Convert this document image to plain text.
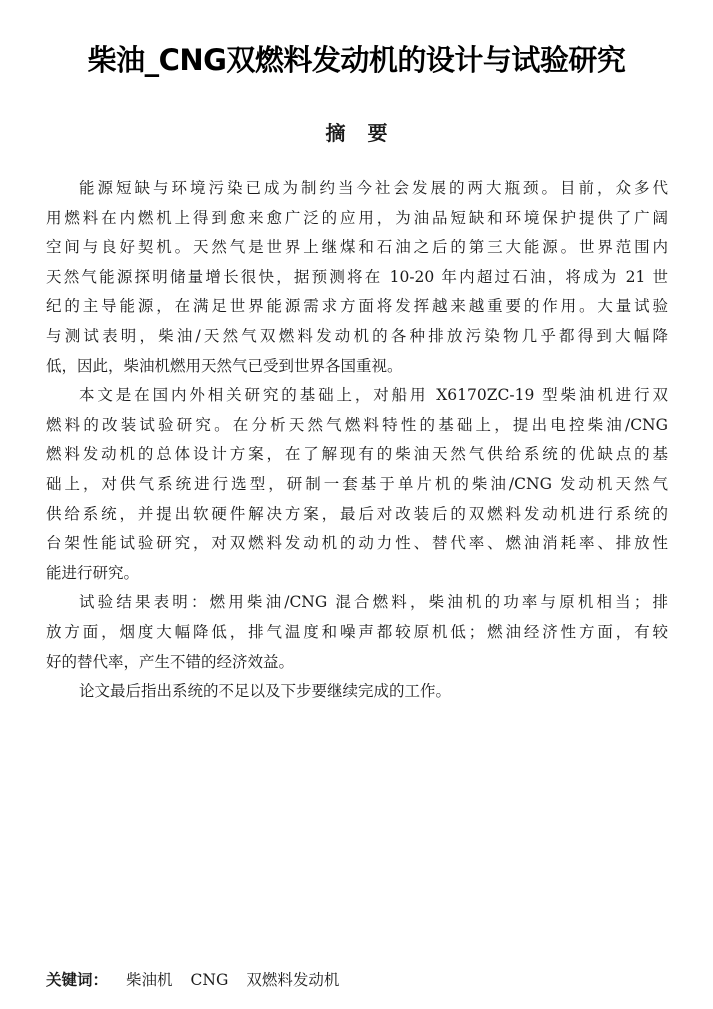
柴油_CNG双燃料发动机的设计与试验研究
摘要
能源短缺与环境污染已成为制约当今社会发展的两大瓶颈。目前，众多代
用燃料在内燃机上得到愈来愈广泛的应用，为油品短缺和环境保护提供了广阔
空间与良好契机。天然气是世界上继煤和石油之后的第三大能源。世界范围内
天然气能源探明储量增长很快，据预测将在 10-20 年内超过石油，将成为 21 世
纪的主导能源，在满足世界能源需求方面将发挥越来越重要的作用。大量试验
与测试表明，柴油/天然气双燃料发动机的各种排放污染物几乎都得到大幅降
低，因此，柴油机燃用天然气已受到世界各国重视。
本文是在国内外相关研究的基础上，对船用 X6170ZC-19 型柴油机进行双
燃料的改装试验研究。在分析天然气燃料特性的基础上，提出电控柴油/CNG
燃料发动机的总体设计方案，在了解现有的柴油天然气供给系统的优缺点的基
础上，对供气系统进行选型，研制一套基于单片机的柴油/CNG 发动机天然气
供给系统，并提出软硬件解决方案，最后对改装后的双燃料发动机进行系统的
台架性能试验研究，对双燃料发动机的动力性、替代率、燃油消耗率、排放性
能进行研究。
试验结果表明：燃用柴油/CNG 混合燃料，柴油机的功率与原机相当；排
放方面，烟度大幅降低，排气温度和噪声都较原机低；燃油经济性方面，有较
好的替代率，产生不错的经济效益。
论文最后指出系统的不足以及下步要继续完成的工作。
关键词： 柴油机 CNG 双燃料发动机
